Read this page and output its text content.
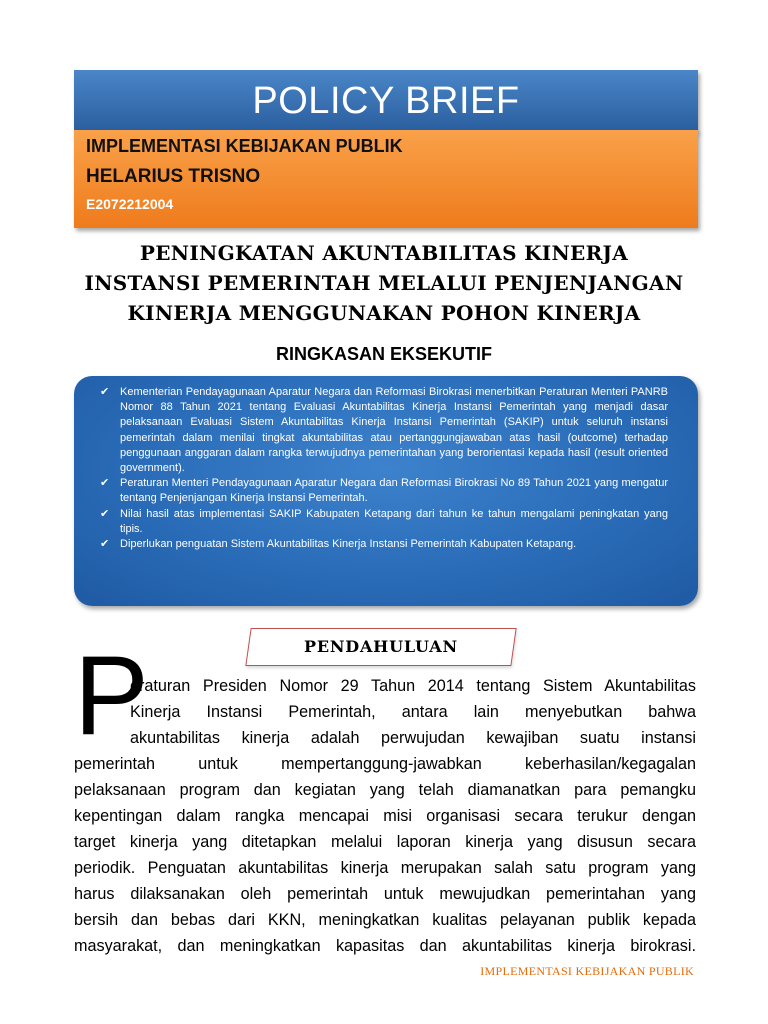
POLICY BRIEF
IMPLEMENTASI KEBIJAKAN PUBLIK
HELARIUS TRISNO
E2072212004
PENINGKATAN AKUNTABILITAS KINERJA
INSTANSI PEMERINTAH MELALUI PENJENJANGAN
KINERJA MENGGUNAKAN POHON KINERJA
RINGKASAN EKSEKUTIF
✔ Kementerian Pendayagunaan Aparatur Negara dan Reformasi Birokrasi menerbitkan Peraturan Menteri PANRB Nomor 88 Tahun 2021 tentang Evaluasi Akuntabilitas Kinerja Instansi Pemerintah yang menjadi dasar pelaksanaan Evaluasi Sistem Akuntabilitas Kinerja Instansi Pemerintah (SAKIP) untuk seluruh instansi pemerintah dalam menilai tingkat akuntabilitas atau pertanggungjawaban atas hasil (outcome) terhadap penggunaan anggaran dalam rangka terwujudnya pemerintahan yang berorientasi kepada hasil (result oriented government).
✔ Peraturan Menteri Pendayagunaan Aparatur Negara dan Reformasi Birokrasi No 89 Tahun 2021 yang mengatur tentang Penjenjangan Kinerja Instansi Pemerintah.
✔ Nilai hasil atas implementasi SAKIP Kabupaten Ketapang dari tahun ke tahun mengalami peningkatan yang tipis.
✔ Diperlukan penguatan Sistem Akuntabilitas Kinerja Instansi Pemerintah Kabupaten Ketapang.
PENDAHULUAN
P
eraturan Presiden Nomor 29 Tahun 2014 tentang Sistem Akuntabilitas
Kinerja Instansi Pemerintah, antara lain menyebutkan bahwa
akuntabilitas kinerja adalah perwujudan kewajiban suatu instansi
pemerintah untuk mempertanggung-jawabkan keberhasilan/kegagalan
pelaksanaan program dan kegiatan yang telah diamanatkan para pemangku
kepentingan dalam rangka mencapai misi organisasi secara terukur dengan
target kinerja yang ditetapkan melalui laporan kinerja yang disusun secara
periodik. Penguatan akuntabilitas kinerja merupakan salah satu program yang
harus dilaksanakan oleh pemerintah untuk mewujudkan pemerintahan yang
bersih dan bebas dari KKN, meningkatkan kualitas pelayanan publik kepada
masyarakat, dan meningkatkan kapasitas dan akuntabilitas kinerja birokrasi.
IMPLEMENTASI KEBIJAKAN PUBLIK
